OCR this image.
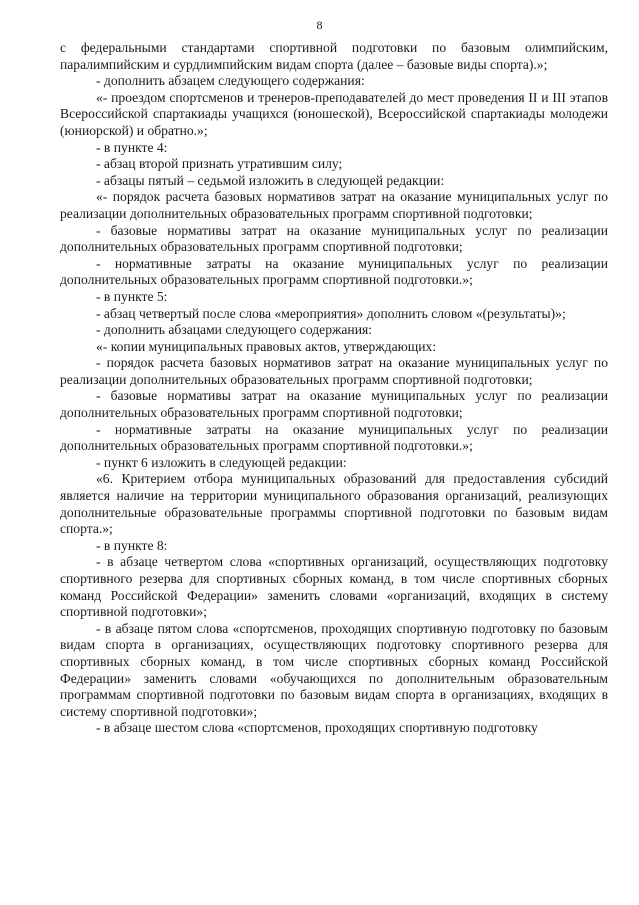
8

с федеральными стандартами спортивной подготовки по базовым олимпийским, паралимпийским и сурдлимпийским видам спорта (далее – базовые виды спорта).»;

- дополнить абзацем следующего содержания:

«- проездом спортсменов и тренеров-преподавателей до мест проведения II и III этапов Всероссийской спартакиады учащихся (юношеской), Всероссийской спартакиады молодежи (юниорской) и обратно.»;

- в пункте 4:

- абзац второй признать утратившим силу;

- абзацы пятый – седьмой изложить в следующей редакции:

«- порядок расчета базовых нормативов затрат на оказание муниципальных услуг по реализации дополнительных образовательных программ спортивной подготовки;

- базовые нормативы затрат на оказание муниципальных услуг по реализации дополнительных образовательных программ спортивной подготовки;

- нормативные затраты на оказание муниципальных услуг по реализации дополнительных образовательных программ спортивной подготовки.»;

- в пункте 5:

- абзац четвертый после слова «мероприятия» дополнить словом «(результаты)»;

- дополнить абзацами следующего содержания:

«- копии муниципальных правовых актов, утверждающих:

- порядок расчета базовых нормативов затрат на оказание муниципальных услуг по реализации дополнительных образовательных программ спортивной подготовки;

- базовые нормативы затрат на оказание муниципальных услуг по реализации дополнительных образовательных программ спортивной подготовки;

- нормативные затраты на оказание муниципальных услуг по реализации дополнительных образовательных программ спортивной подготовки.»;

- пункт 6 изложить в следующей редакции:

«6. Критерием отбора муниципальных образований для предоставления субсидий является наличие на территории муниципального образования организаций, реализующих дополнительные образовательные программы спортивной подготовки по базовым видам спорта.»;

- в пункте 8:

- в абзаце четвертом слова «спортивных организаций, осуществляющих подготовку спортивного резерва для спортивных сборных команд, в том числе спортивных сборных команд Российской Федерации» заменить словами «организаций, входящих в систему спортивной подготовки»;

- в абзаце пятом слова «спортсменов, проходящих спортивную подготовку по базовым видам спорта в организациях, осуществляющих подготовку спортивного резерва для спортивных сборных команд, в том числе спортивных сборных команд Российской Федерации» заменить словами «обучающихся по дополнительным образовательным программам спортивной подготовки по базовым видам спорта в организациях, входящих в систему спортивной подготовки»;

- в абзаце шестом слова «спортсменов, проходящих спортивную подготовку
